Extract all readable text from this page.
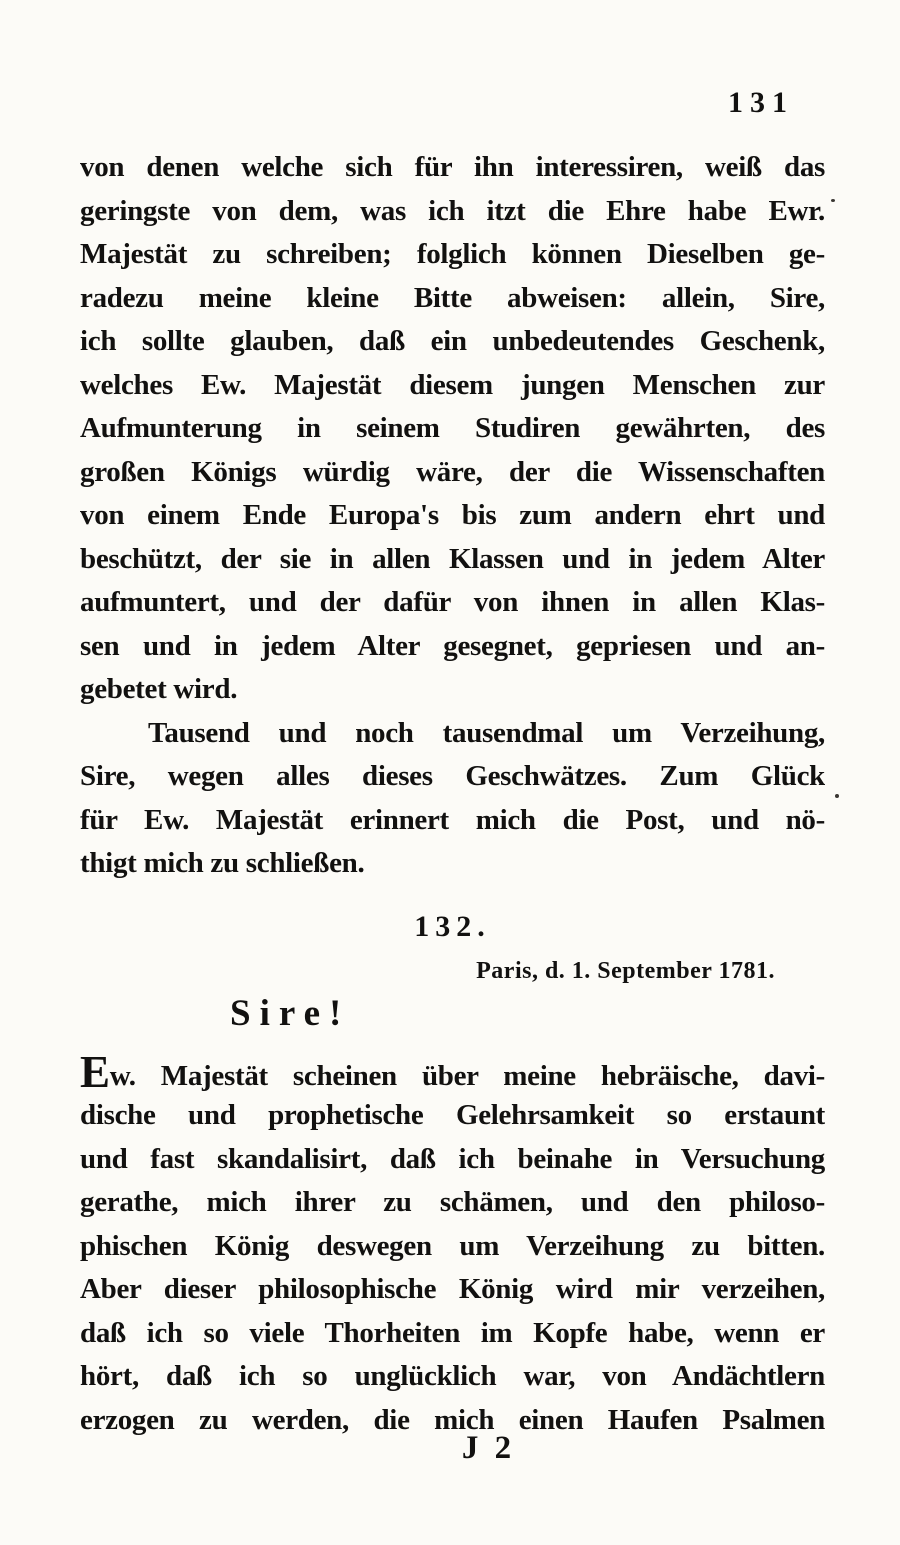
131
von denen welche sich für ihn interessiren, weiß das
geringste von dem, was ich itzt die Ehre habe Ewr.
Majestät zu schreiben; folglich können Dieselben ge-
radezu meine kleine Bitte abweisen: allein, Sire,
ich sollte glauben, daß ein unbedeutendes Geschenk,
welches Ew. Majestät diesem jungen Menschen zur
Aufmunterung in seinem Studiren gewährten, des
großen Königs würdig wäre, der die Wissenschaften
von einem Ende Europa's bis zum andern ehrt und
beschützt, der sie in allen Klassen und in jedem Alter
aufmuntert, und der dafür von ihnen in allen Klas-
sen und in jedem Alter gesegnet, gepriesen und an-
gebetet wird.
Tausend und noch tausendmal um Verzeihung,
Sire, wegen alles dieses Geschwätzes. Zum Glück
für Ew. Majestät erinnert mich die Post, und nö-
thigt mich zu schließen.
132.
Paris, d. 1. September 1781.
Sire!
Ew. Majestät scheinen über meine hebräische, davi-
dische und prophetische Gelehrsamkeit so erstaunt
und fast skandalisirt, daß ich beinahe in Versuchung
gerathe, mich ihrer zu schämen, und den philoso-
phischen König deswegen um Verzeihung zu bitten.
Aber dieser philosophische König wird mir verzeihen,
daß ich so viele Thorheiten im Kopfe habe, wenn er
hört, daß ich so unglücklich war, von Andächtlern
erzogen zu werden, die mich einen Haufen Psalmen
J 2
